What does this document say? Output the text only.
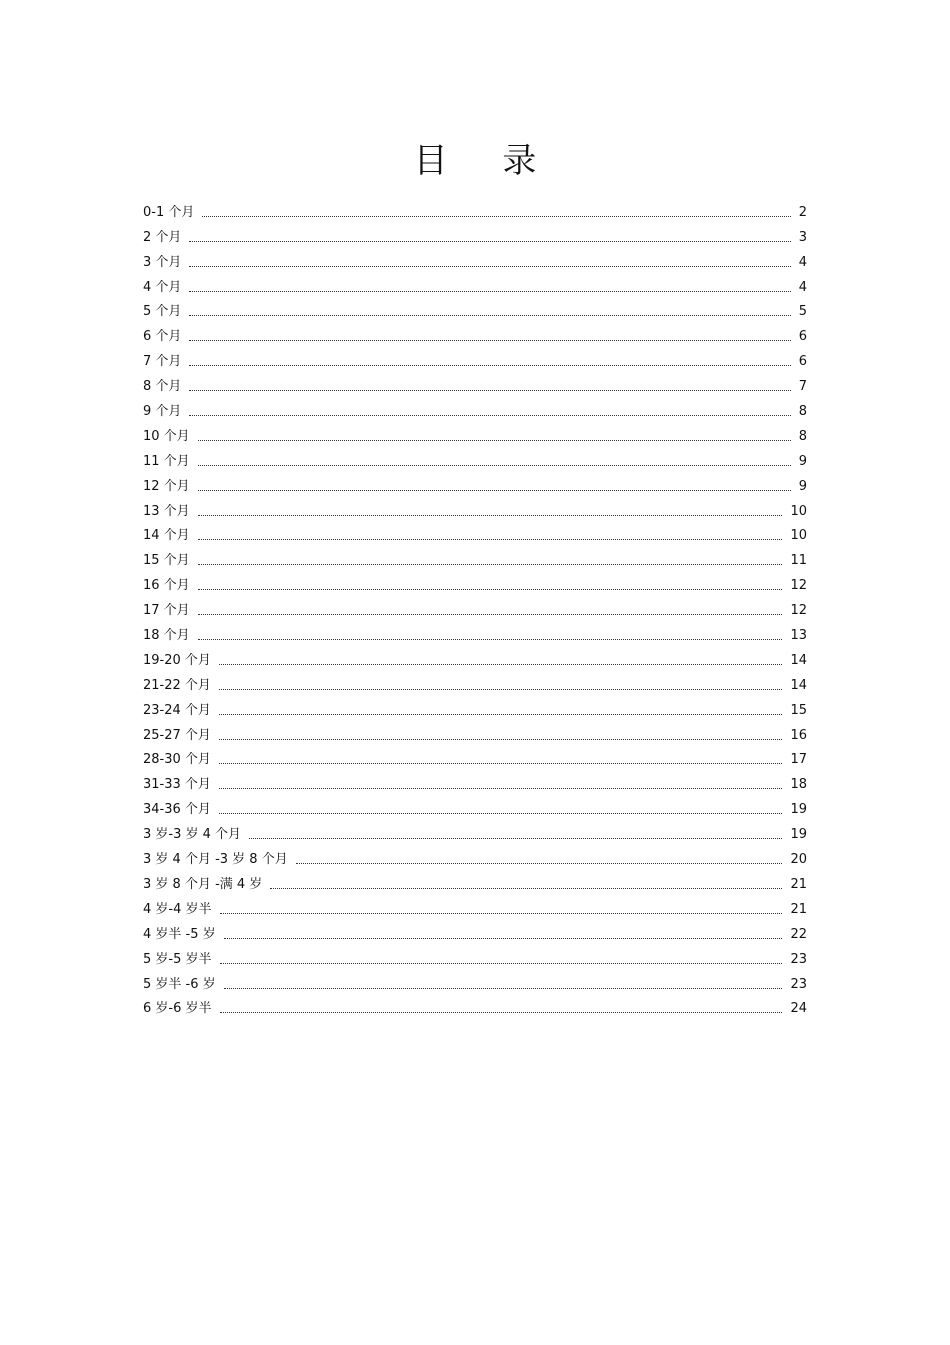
目 录
0-1 个月	2
2 个月	3
3 个月	4
4 个月	4
5 个月	5
6 个月	6
7 个月	6
8 个月	7
9 个月	8
10 个月	8
11 个月	9
12 个月	9
13 个月	10
14 个月	10
15 个月	11
16 个月	12
17 个月	12
18 个月	13
19-20 个月	14
21-22 个月	14
23-24 个月	15
25-27 个月	16
28-30 个月	17
31-33 个月	18
34-36 个月	19
3 岁-3 岁 4 个月	19
3 岁 4 个月 -3 岁 8 个月	20
3 岁 8 个月 -满 4 岁	21
4 岁-4 岁半	21
4 岁半 -5 岁	22
5 岁-5 岁半	23
5 岁半 -6 岁	23
6 岁-6 岁半	24
